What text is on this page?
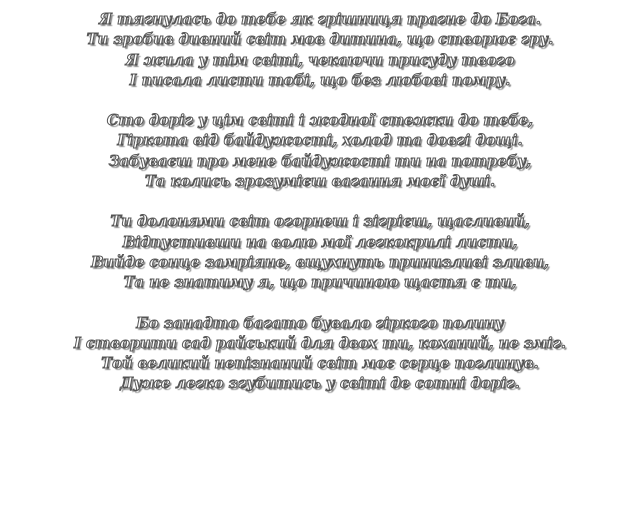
Я тягнулась до тебе як грішниця прагне до Бога.
Ти зробив дивний світ мов дитина, що створює гру.
Я жила у тім світі, чекаючи присуду твого
І писала листи тобі, що без любові помру.
Сто доріг у цім світі і жодної стежки до тебе,
Гіркота від байдужості, холод та довгі дощі.
Забуваєш про мене байдужості ти на потребу,
Та колись зрозумієш вагання моєї душі.
Ти долонями світ огорнеш і зігрієш, щасливий,
Відпустивши на волю мої легкокрилі листи,
Вийде сонце замріяне, вщухнуть принизливі зливи,
Та не знатиму я, що причиною щастя є ти,
Бо занадто багато бувало гіркого полину
І створити сад райський для двох ти, коханий, не зміг.
Той великий непізнаний світ моє серце поглинув.
Дуже легко згубитись у світі де сотні доріг.
